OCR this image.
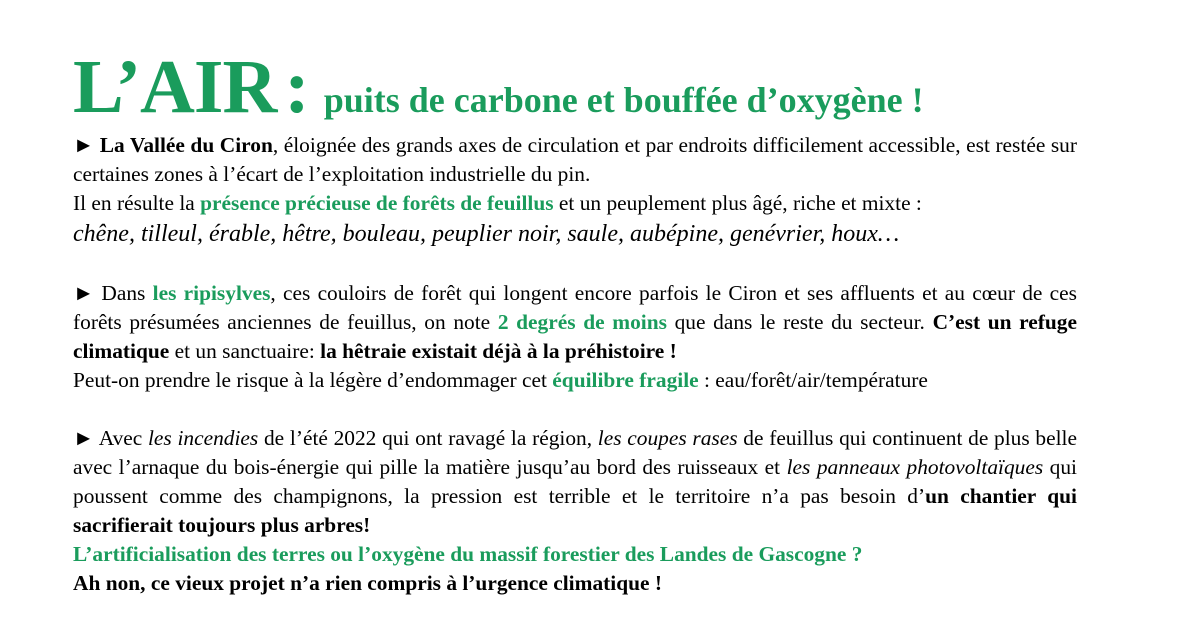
L’AIR : puits de carbone et bouffée d’oxygène !

► La Vallée du Ciron, éloignée des grands axes de circulation et par endroits difficilement accessible, est restée sur certaines zones à l’écart de l’exploitation industrielle du pin.

Il en résulte la présence précieuse de forêts de feuillus et un peuplement plus âgé, riche et mixte :

chêne, tilleul, érable, hêtre, bouleau, peuplier noir, saule, aubépine, genévrier, houx…

► Dans les ripisylves, ces couloirs de forêt qui longent encore parfois le Ciron et ses affluents et au cœur de ces forêts présumées anciennes de feuillus, on note 2 degrés de moins que dans le reste du secteur. C’est un refuge climatique et un sanctuaire: la hêtraie existait déjà à la préhistoire !

Peut-on prendre le risque à la légère d’endommager cet équilibre fragile : eau/forêt/air/température

► Avec les incendies de l’été 2022 qui ont ravagé la région, les coupes rases de feuillus qui continuent de plus belle avec l’arnaque du bois-énergie qui pille la matière jusqu’au bord des ruisseaux et les panneaux photovoltaïques qui poussent comme des champignons, la pression est terrible et le territoire n’a pas besoin d’un chantier qui sacrifierait toujours plus arbres!

L’artificialisation des terres ou l’oxygène du massif forestier des Landes de Gascogne ?

Ah non, ce vieux projet n’a rien compris à l’urgence climatique !
